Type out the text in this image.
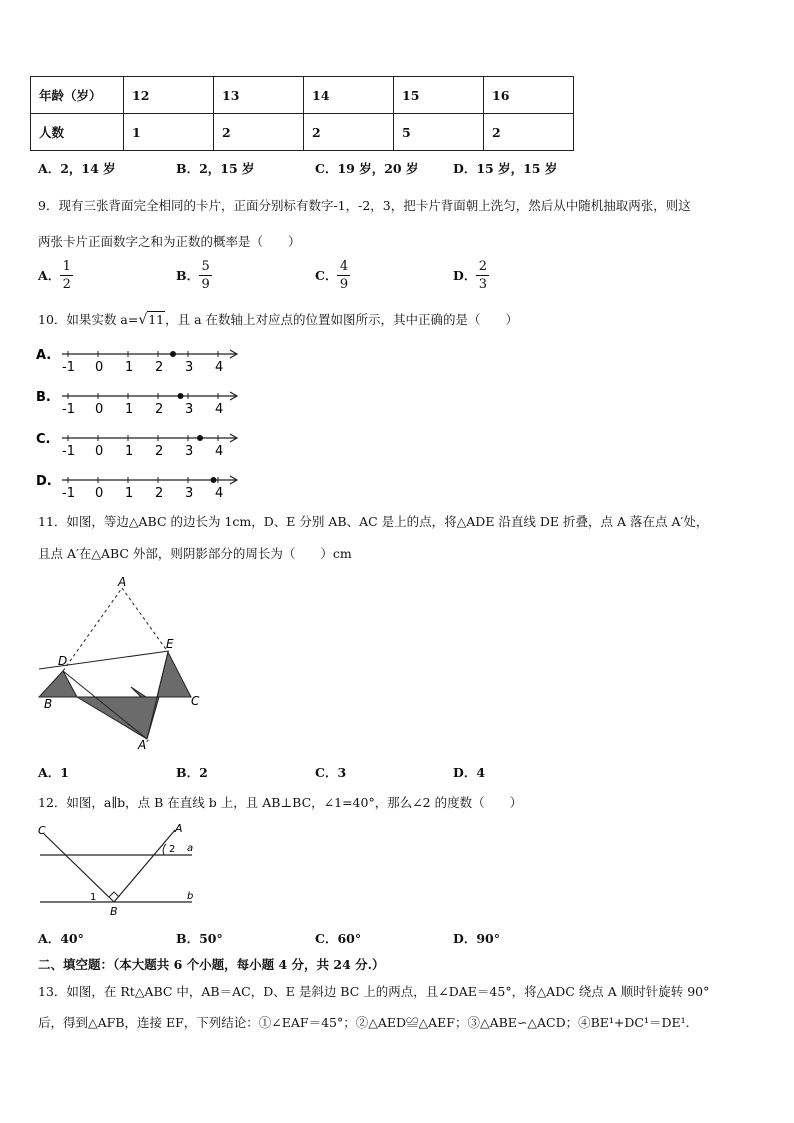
年龄（岁）	12	13	14	15	16
人数	1	2	2	5	2
A．2，14 岁	B．2，15 岁	C．19 岁，20 岁	D．15 岁，15 岁
9．现有三张背面完全相同的卡片，正面分别标有数字-1，-2，3，把卡片背面朝上洗匀，然后从中随机抽取两张，则这
两张卡片正面数字之和为正数的概率是（　　）
A． $\frac{1}{2}$	B． $\frac{5}{9}$	C． $\frac{4}{9}$	D． $\frac{2}{3}$
10．如果实数 a=√11，且 a 在数轴上对应点的位置如图所示，其中正确的是（　　）
A.
-1 0 1 2 3 4
B.
-1 0 1 2 3 4
C.
-1 0 1 2 3 4
D.
-1 0 1 2 3 4
11．如图，等边△ABC 的边长为 1cm，D、E 分别 AB、AC 是上的点，将△ADE 沿直线 DE 折叠，点 A 落在点 A′处，
且点 A′在△ABC 外部，则阴影部分的周长为（　　）cm
A
D
E
B	C
A′
A．1	B．2	C．3	D．4
12．如图，a∥b，点 B 在直线 b 上，且 AB⊥BC，∠1=40°，那么∠2 的度数（　　）
C	A
a
b
B
1
2
A．40°	B．50°	C．60°	D．90°
二、填空题：（本大题共 6 个小题，每小题 4 分，共 24 分.）
13．如图，在 Rt△ABC 中，AB＝AC，D、E 是斜边 BC 上的两点，且∠DAE＝45°，将△ADC 绕点 A 顺时针旋转 90°
后，得到△AFB，连接 EF，下列结论：①∠EAF＝45°；②△AED≌△AEF；③△ABE∽△ACD；④BE¹+DC¹＝DE¹.
